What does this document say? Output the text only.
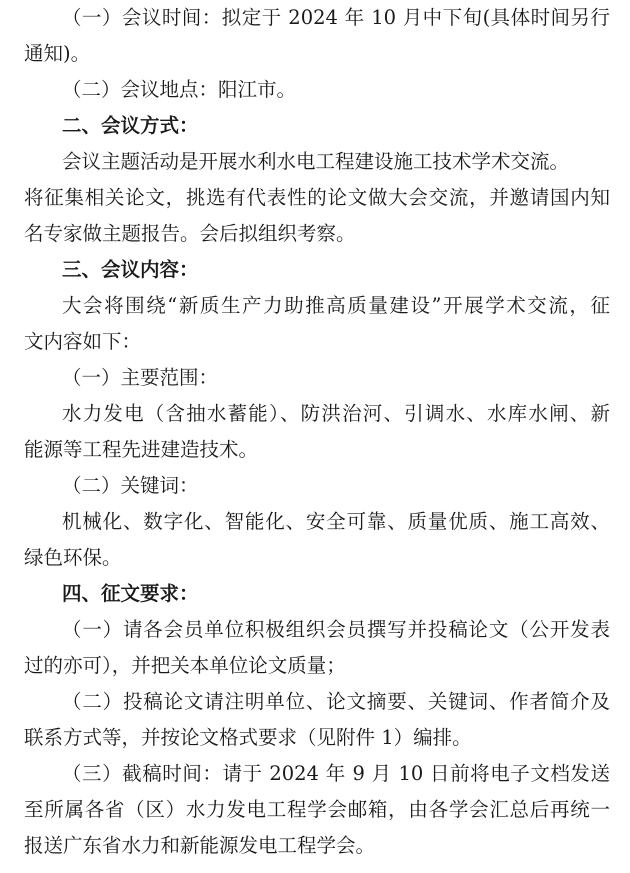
（一）会议时间：拟定于 2024 年 10 月中下旬(具体时间另行
通知)。
（二）会议地点：阳江市。
二、会议方式：
会议主题活动是开展水利水电工程建设施工技术学术交流。
将征集相关论文，挑选有代表性的论文做大会交流，并邀请国内知
名专家做主题报告。会后拟组织考察。
三、会议内容：
大会将围绕“新质生产力助推高质量建设”开展学术交流，征
文内容如下：
（一）主要范围：
水力发电（含抽水蓄能）、防洪治河、引调水、水库水闸、新
能源等工程先进建造技术。
（二）关键词：
机械化、数字化、智能化、安全可靠、质量优质、施工高效、
绿色环保。
四、征文要求：
（一）请各会员单位积极组织会员撰写并投稿论文（公开发表
过的亦可），并把关本单位论文质量；
（二）投稿论文请注明单位、论文摘要、关键词、作者简介及
联系方式等，并按论文格式要求（见附件 1）编排。
（三）截稿时间：请于 2024 年 9 月 10 日前将电子文档发送
至所属各省（区）水力发电工程学会邮箱，由各学会汇总后再统一
报送广东省水力和新能源发电工程学会。
